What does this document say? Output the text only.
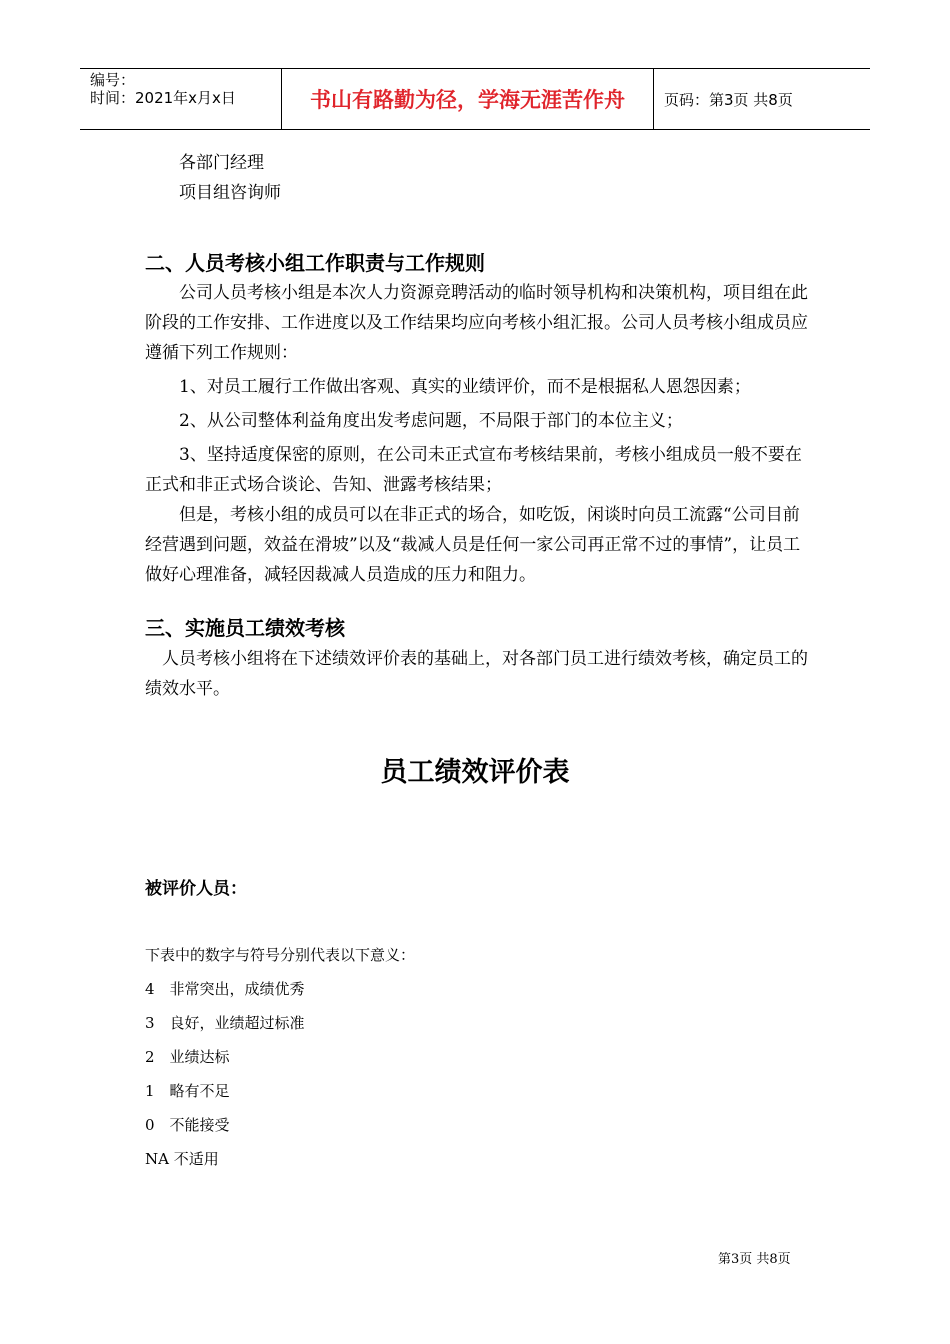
编号：
时间：2021年x月x日	书山有路勤为径，学海无涯苦作舟	页码：第3页 共8页
各部门经理
项目组咨询师
二、人员考核小组工作职责与工作规则
公司人员考核小组是本次人力资源竞聘活动的临时领导机构和决策机构，项目组在此阶段的工作安排、工作进度以及工作结果均应向考核小组汇报。公司人员考核小组成员应遵循下列工作规则：
1、对员工履行工作做出客观、真实的业绩评价，而不是根据私人恩怨因素；
2、从公司整体利益角度出发考虑问题，不局限于部门的本位主义；
3、坚持适度保密的原则，在公司未正式宣布考核结果前，考核小组成员一般不要在正式和非正式场合谈论、告知、泄露考核结果；
但是，考核小组的成员可以在非正式的场合，如吃饭，闲谈时向员工流露“公司目前经营遇到问题，效益在滑坡”以及“裁减人员是任何一家公司再正常不过的事情”，让员工做好心理准备，减轻因裁减人员造成的压力和阻力。
三、实施员工绩效考核
人员考核小组将在下述绩效评价表的基础上，对各部门员工进行绩效考核，确定员工的绩效水平。
员工绩效评价表
被评价人员：
下表中的数字与符号分别代表以下意义：
4　非常突出，成绩优秀
3　良好，业绩超过标准
2　业绩达标
1　略有不足
0　不能接受
NA 不适用
第3页 共8页
